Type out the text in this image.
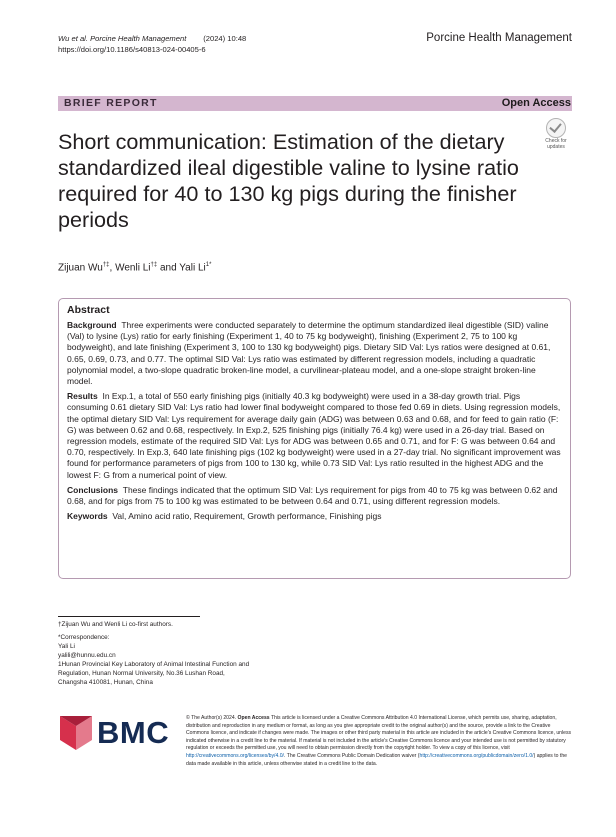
Wu et al. Porcine Health Management (2024) 10:48
https://doi.org/10.1186/s40813-024-00405-6
Porcine Health Management
BRIEF REPORT	Open Access
Short communication: Estimation of the dietary standardized ileal digestible valine to lysine ratio required for 40 to 130 kg pigs during the finisher periods
Check for
updates
Zijuan Wu†‡, Wenli Li†‡ and Yali $Li^{1*}$
Abstract

Background Three experiments were conducted separately to determine the optimum standardized ileal digestible (SID) valine (Val) to lysine (Lys) ratio for early finishing (Experiment 1, 40 to 75 kg bodyweight), finishing (Experiment 2, 75 to 100 kg bodyweight), and late finishing (Experiment 3, 100 to 130 kg bodyweight) pigs. Dietary SID Val: Lys ratios were designed at 0.61, 0.65, 0.69, 0.73, and 0.77. The optimal SID Val: Lys ratio was estimated by different regression models, including a quadratic polynomial model, a two-slope quadratic broken-line model, a curvilinear-plateau model, and a one-slope straight broken-line model.

Results In Exp.1, a total of 550 early finishing pigs (initially 40.3 kg bodyweight) were used in a 38-day growth trial. Pigs consuming 0.61 dietary SID Val: Lys ratio had lower final bodyweight compared to those fed 0.69 in diets. Using regression models, the optimal dietary SID Val: Lys requirement for average daily gain (ADG) was between 0.63 and 0.68, and for feed to gain ratio (F: G) was between 0.62 and 0.68, respectively. In Exp.2, 525 finishing pigs (initially 76.4 kg) were used in a 26-day trial. Based on regression models, estimate of the required SID Val: Lys for ADG was between 0.65 and 0.71, and for F: G was between 0.64 and 0.70, respectively. In Exp.3, 640 late finishing pigs (102 kg bodyweight) were used in a 27-day trial. No significant improvement was found for performance parameters of pigs from 100 to 130 kg, while 0.73 SID Val: Lys ratio resulted in the highest ADG and the lowest F: G from a numerical point of view.

Conclusions These findings indicated that the optimum SID Val: Lys requirement for pigs from 40 to 75 kg was between 0.62 and 0.68, and for pigs from 75 to 100 kg was estimated to be between 0.64 and 0.71, using different regression models.

Keywords Val, Amino acid ratio, Requirement, Growth performance, Finishing pigs

†Zijuan Wu and Wenli Li co-first authors.

*Correspondence:

Yali Li

yalili@hunnu.edu.cn

1Hunan Provincial Key Laboratory of Animal Intestinal Function and

Regulation, Hunan Normal University, No.36 Lushan Road,

Changsha 410081, Hunan, China

BMC	© The Author(s) 2024. Open Access This article is licensed under a Creative Commons Attribution 4.0 International License, which permits use, sharing, adaptation, distribution and reproduction in any medium or format, as long as you give appropriate credit to the original author(s) and the source, provide a link to the Creative Commons licence, and indicate if changes were made. The images or other third party material in this article are included in the article's Creative Commons licence, unless indicated otherwise in a credit line to the material. If material is not included in the article's Creative Commons licence and your intended use is not permitted by statutory regulation or exceeds the permitted use, you will need to obtain permission directly from the copyright holder. To view a copy of this licence, visit http://creativecommons.org/licenses/by/4.0/. The Creative Commons Public Domain Dedication waiver (http://creativecommons.org/publicdomain/zero/1.0/) applies to the data made available in this article, unless otherwise stated in a credit line to the data.
